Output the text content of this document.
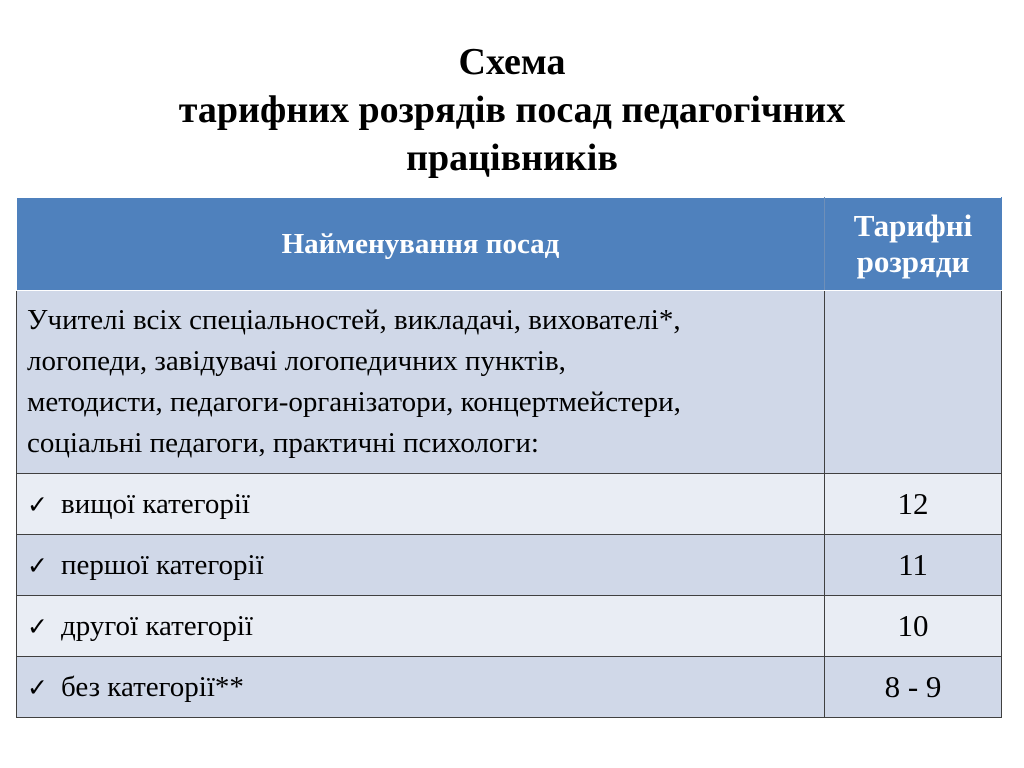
Схема
тарифних розрядів посад педагогічних
працівників
Найменування посад	Тарифні
розряди
Учителі всіх спеціальностей, викладачі, вихователі*,
логопеди, завідувачі логопедичних пунктів,
методисти, педагоги-організатори, концертмейстери,
соціальні педагоги, практичні психологи:	
✓ вищої категорії	12
✓ першої категорії	11
✓ другої категорії	10
✓ без категорії**	8 - 9
